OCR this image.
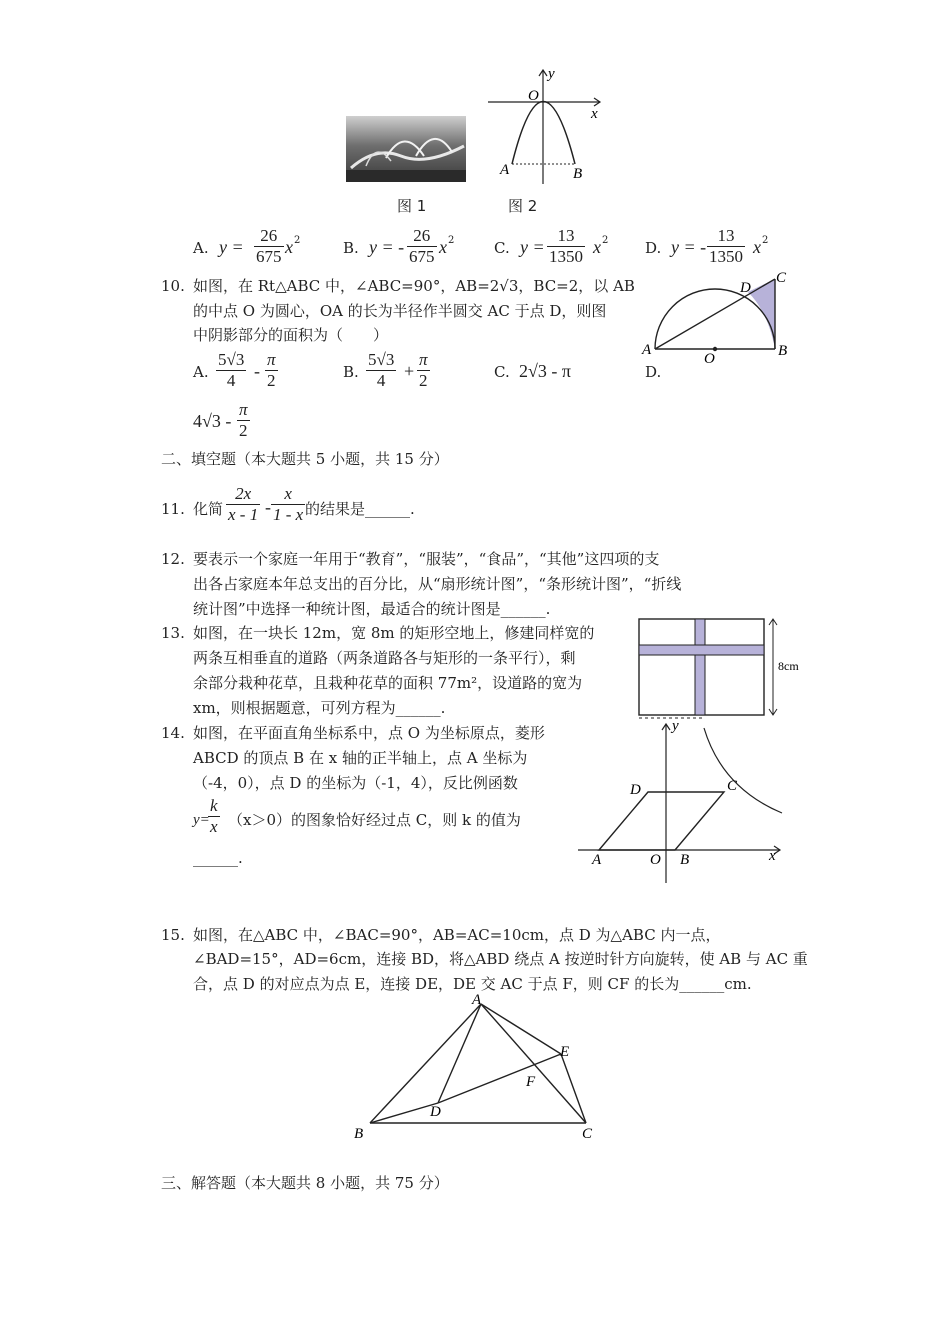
y
O
x
A	B
图 1	图 2
A. $y = \frac{26}{675}$ x 2	B. y = - $\frac{26}{675}$ x 2	C. $y = \frac{13}{1350}$ x 2 D. y = - $\frac{13}{1350}$ x 2
10. 如图，在 Rt△ABC 中，∠ABC=90°，AB=2√3，BC=2，以 AB
的中点 O 为圆心，OA 的长为半径作半圆交 AC 于点 D，则图
中阴影部分的面积为（　　）
A. $\frac{5√3}{4} - \frac{\pi}{2}$	B. $\frac{5√3}{4} + \frac{\pi}{2}$	C. 2√3 - π	D.
$4√3 - \frac{\pi}{2}$
A
O	B
C
D
二、填空题（本大题共 5 小题，共 15 分）
11. 化简 $\frac{2x}{x - 1} - \frac{x}{1 - x}$ 的结果是______.
12. 要表示一个家庭一年用于“教育”，“服装”，“食品”，“其他”这四项的支
出各占家庭本年总支出的百分比，从“扇形统计图”，“条形统计图”，“折线
统计图”中选择一种统计图，最适合的统计图是______.
13. 如图，在一块长 12m，宽 8m 的矩形空地上，修建同样宽的
两条互相垂直的道路（两条道路各与矩形的一条平行），剩
余部分栽种花草，且栽种花草的面积 77m²，设道路的宽为
xm，则根据题意，可列方程为______.
8cm
14. 如图，在平面直角坐标系中，点 O 为坐标原点，菱形
ABCD 的顶点 B 在 x 轴的正半轴上，点 A 坐标为
（-4，0），点 D 的坐标为（-1，4），反比例函数
y=
$\frac{k}{x} (x>0)$的图象恰好经过点 C，则 k 的值为
______.
y
x
A	O B
C
D
15. 如图，在△ABC 中，∠BAC=90°，AB=AC=10cm，点 D 为△ABC 内一点，
∠BAD=15°，AD=6cm，连接 BD，将△ABD 绕点 A 按逆时针方向旋转，使 AB 与 AC 重
合，点 D 的对应点为点 E，连接 DE，DE 交 AC 于点 F，则 CF 的长为______cm.
A
B	C
D
E
F
三、解答题（本大题共 8 小题，共 75 分）
